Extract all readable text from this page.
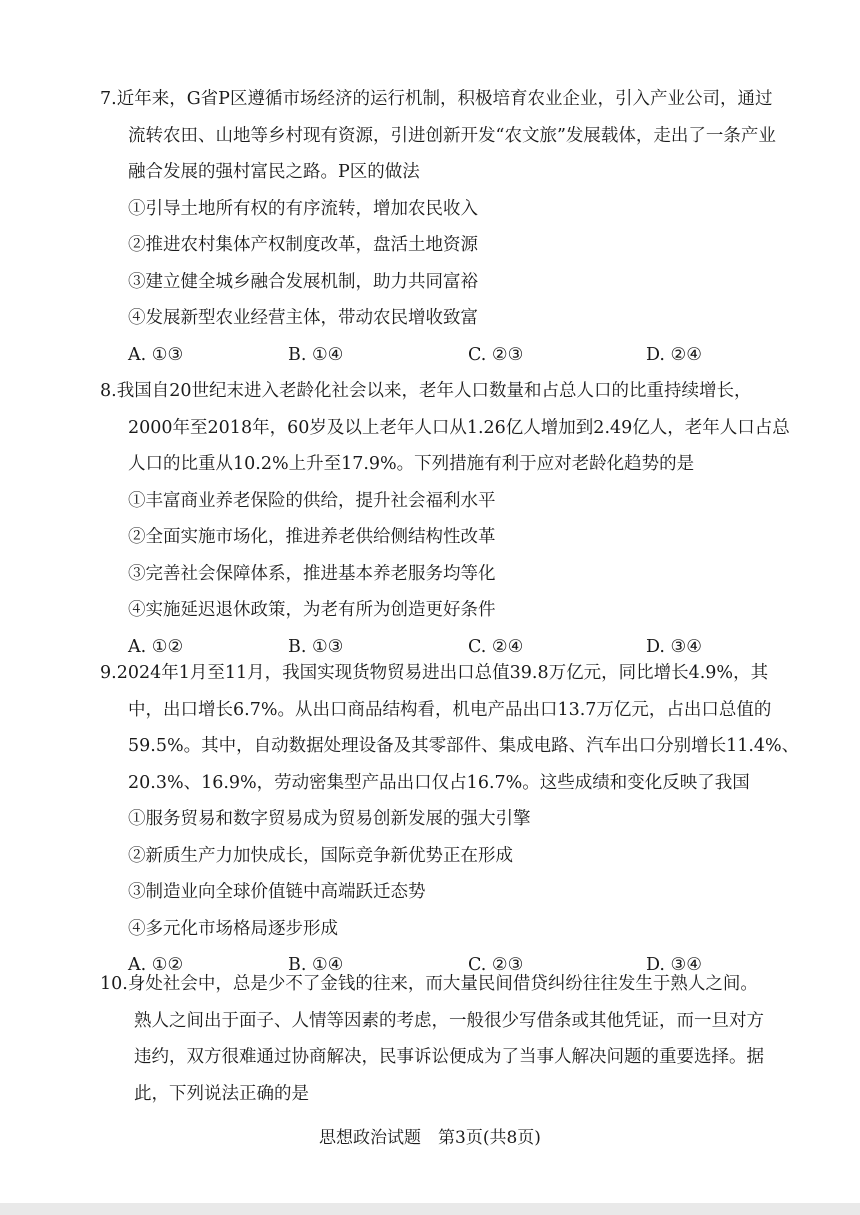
7.近年来，G省P区遵循市场经济的运行机制，积极培育农业企业，引入产业公司，通过
流转农田、山地等乡村现有资源，引进创新开发“农文旅”发展载体，走出了一条产业
融合发展的强村富民之路。P区的做法
①引导土地所有权的有序流转，增加农民收入
②推进农村集体产权制度改革，盘活土地资源
③建立健全城乡融合发展机制，助力共同富裕
④发展新型农业经营主体，带动农民增收致富
A. ①③	B. ①④	C. ②③	D. ②④
8.我国自20世纪末进入老龄化社会以来，老年人口数量和占总人口的比重持续增长，
2000年至2018年，60岁及以上老年人口从1.26亿人增加到2.49亿人，老年人口占总
人口的比重从10.2%上升至17.9%。下列措施有利于应对老龄化趋势的是
①丰富商业养老保险的供给，提升社会福利水平
②全面实施市场化，推进养老供给侧结构性改革
③完善社会保障体系，推进基本养老服务均等化
④实施延迟退休政策，为老有所为创造更好条件
A. ①②	B. ①③	C. ②④	D. ③④
9.2024年1月至11月，我国实现货物贸易进出口总值39.8万亿元，同比增长4.9%，其
中，出口增长6.7%。从出口商品结构看，机电产品出口13.7万亿元，占出口总值的
59.5%。其中，自动数据处理设备及其零部件、集成电路、汽车出口分别增长11.4%、
20.3%、16.9%，劳动密集型产品出口仅占16.7%。这些成绩和变化反映了我国
①服务贸易和数字贸易成为贸易创新发展的强大引擎
②新质生产力加快成长，国际竞争新优势正在形成
③制造业向全球价值链中高端跃迁态势
④多元化市场格局逐步形成
A. ①②	B. ①④	C. ②③	D. ③④
10.身处社会中，总是少不了金钱的往来，而大量民间借贷纠纷往往发生于熟人之间。
熟人之间出于面子、人情等因素的考虑，一般很少写借条或其他凭证，而一旦对方
违约，双方很难通过协商解决，民事诉讼便成为了当事人解决问题的重要选择。据
此，下列说法正确的是
思想政治试题  第3页(共8页)
